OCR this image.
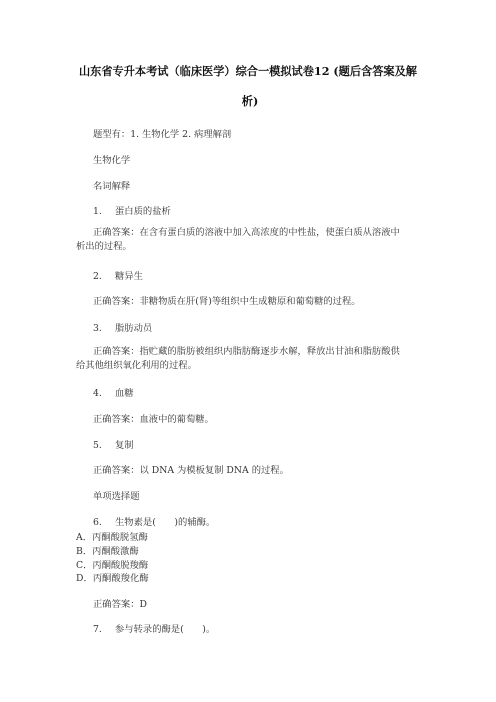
山东省专升本考试（临床医学）综合一模拟试卷12 (题后含答案及解
析)
题型有：1. 生物化学 2. 病理解剖
生物化学
名词解释
1. 蛋白质的盐析
正确答案：在含有蛋白质的溶液中加入高浓度的中性盐，使蛋白质从溶液中
析出的过程。
2. 糖异生
正确答案：非糖物质在肝(肾)等组织中生成糖原和葡萄糖的过程。
3. 脂肪动员
正确答案：指贮藏的脂肪被组织内脂肪酶逐步水解，释放出甘油和脂肪酸供
给其他组织氧化利用的过程。
4. 血糖
正确答案：血液中的葡萄糖。
5. 复制
正确答案：以 DNA 为模板复制 DNA 的过程。
单项选择题
6. 生物素是(　　)的辅酶。
A．丙酮酸脱氢酶
B．丙酮酸激酶
C．丙酮酸脱羧酶
D．丙酮酸羧化酶
正确答案：D
7. 参与转录的酶是(　　)。
